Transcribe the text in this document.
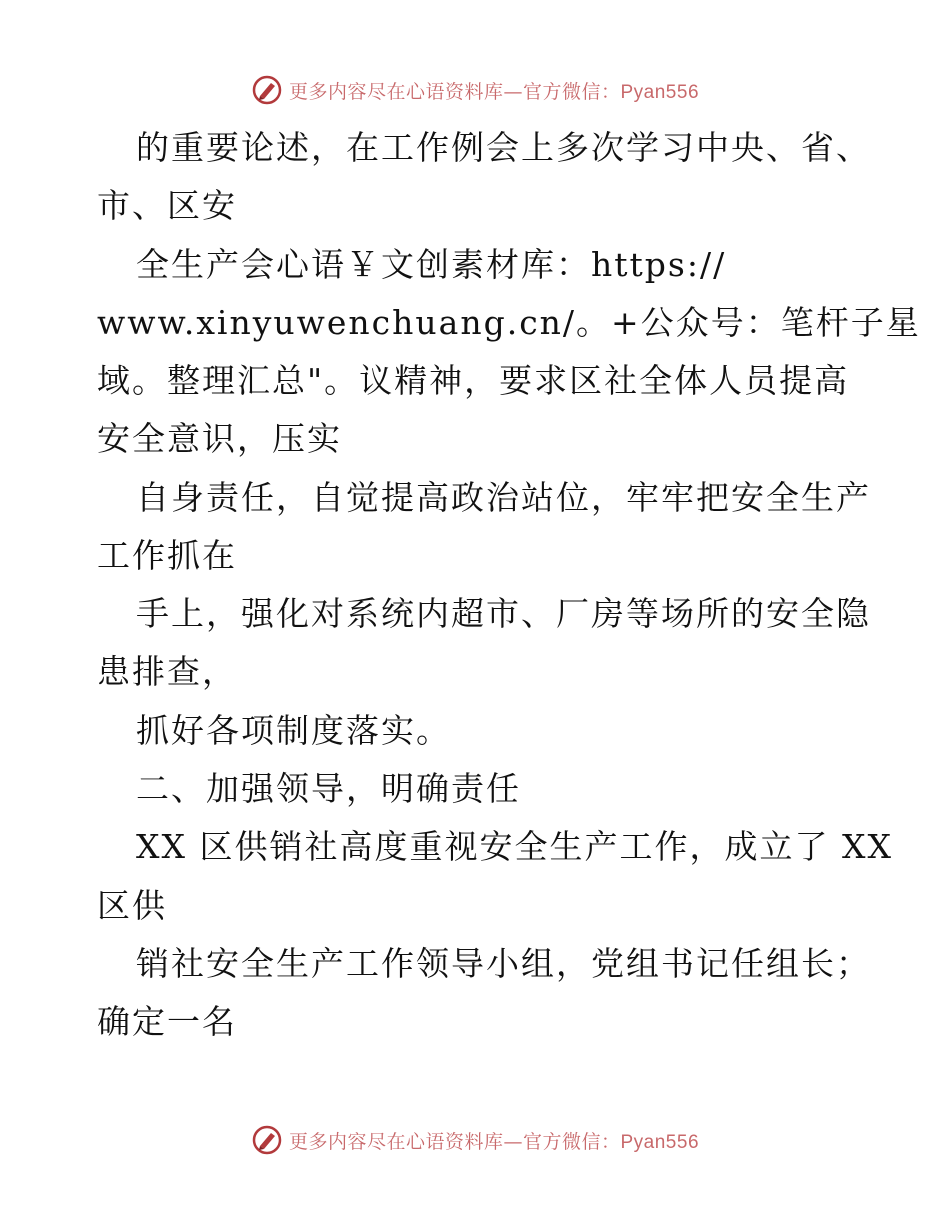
更多内容尽在心语资料库—官方微信：Pyan556
的重要论述，在工作例会上多次学习中央、省、
市、区安
全生产会心语￥文创素材库：https://
www.xinyuwenchuang.cn/。+公众号：笔杆子星
域。整理汇总"。议精神，要求区社全体人员提高
安全意识，压实
自身责任，自觉提高政治站位，牢牢把安全生产
工作抓在
手上，强化对系统内超市、厂房等场所的安全隐
患排查，
抓好各项制度落实。
二、加强领导，明确责任
XX 区供销社高度重视安全生产工作，成立了 XX
区供
销社安全生产工作领导小组，党组书记任组长；
确定一名
更多内容尽在心语资料库—官方微信：Pyan556
